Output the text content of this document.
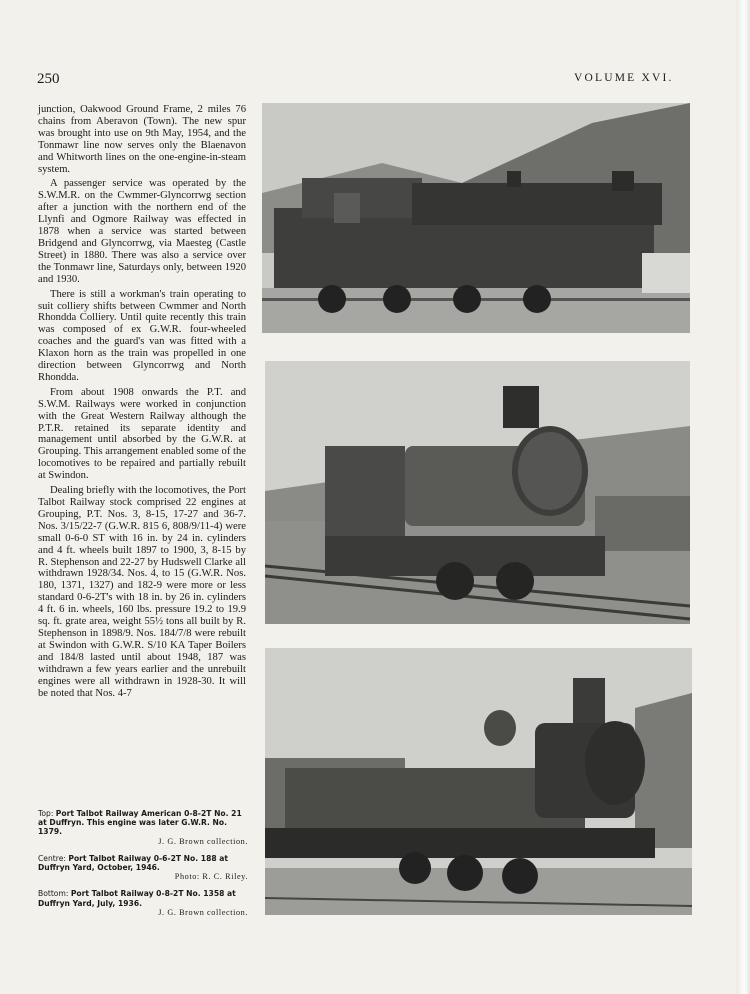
250	VOLUME XVI.

junction, Oakwood Ground Frame, 2 miles 76 chains from Aberavon (Town). The new spur was brought into use on 9th May, 1954, and the Tonmawr line now serves only the Blaenavon and Whitworth lines on the one-engine-in-steam system.

A passenger service was operated by the S.W.M.R. on the Cwmmer-Glyncorrwg section after a junction with the northern end of the Llynfi and Ogmore Railway was effected in 1878 when a service was started between Bridgend and Glyncorrwg, via Maesteg (Castle Street) in 1880. There was also a service over the Tonmawr line, Saturdays only, between 1920 and 1930.

There is still a workman's train operating to suit colliery shifts between Cwmmer and North Rhondda Colliery. Until quite recently this train was composed of ex G.W.R. four-wheeled coaches and the guard's van was fitted with a Klaxon horn as the train was propelled in one direction between Glyncorrwg and North Rhondda.

From about 1908 onwards the P.T. and S.W.M. Railways were worked in conjunction with the Great Western Railway although the P.T.R. retained its separate identity and management until absorbed by the G.W.R. at Grouping. This arrangement enabled some of the locomotives to be repaired and partially rebuilt at Swindon.

Dealing briefly with the locomotives, the Port Talbot Railway stock comprised 22 engines at Grouping, P.T. Nos. 3, 8-15, 17-27 and 36-7. Nos. 3/15/22-7 (G.W.R. 815 6, 808/9/11-4) were small 0-6-0 ST with 16 in. by 24 in. cylinders and 4 ft. wheels built 1897 to 1900, 3, 8-15 by R. Stephenson and 22-27 by Hudswell Clarke all withdrawn 1928/34. Nos. 4, to 15 (G.W.R. Nos. 180, 1371, 1327) and 182-9 were more or less standard 0-6-2T's with 18 in. by 26 in. cylinders 4 ft. 6 in. wheels, 160 lbs. pressure 19.2 to 19.9 sq. ft. grate area, weight 55½ tons all built by R. Stephenson in 1898/9. Nos. 184/7/8 were rebuilt at Swindon with G.W.R. S/10 KA Taper Boilers and 184/8 lasted until about 1948, 187 was withdrawn a few years earlier and the unrebuilt engines were all withdrawn in 1928-30. It will be noted that Nos. 4-7

Top: Port Talbot Railway American 0-8-2T No. 21 at Duffryn. This engine was later G.W.R. No. 1379.
J. G. Brown collection.
Centre: Port Talbot Railway 0-6-2T No. 188 at Duffryn Yard, October, 1946.
Photo: R. C. Riley.
Bottom: Port Talbot Railway 0-8-2T No. 1358 at Duffryn Yard, July, 1936.
J. G. Brown collection.
